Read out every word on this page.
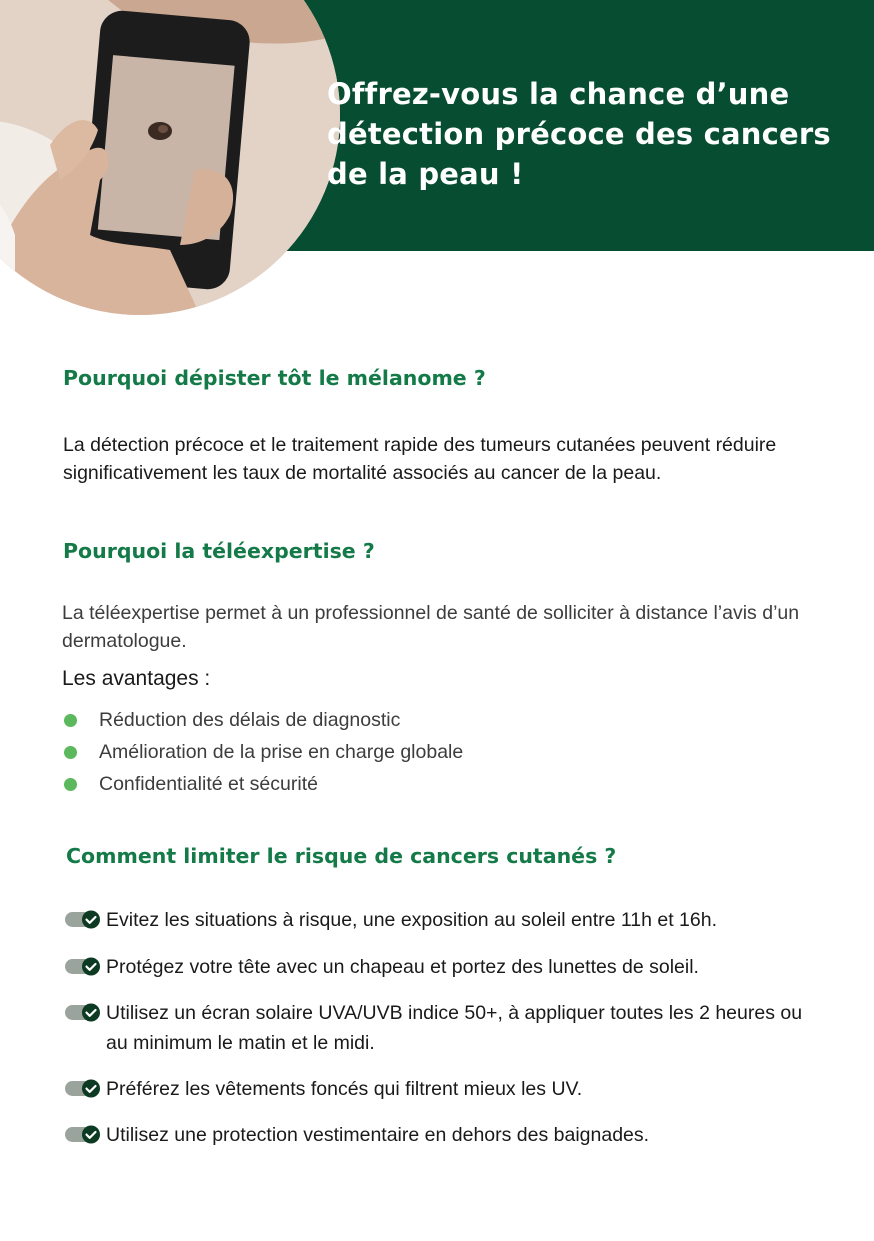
Offrez-vous la chance d’une détection précoce des cancers de la peau !
Pourquoi dépister tôt le mélanome ?

La détection précoce et le traitement rapide des tumeurs cutanées peuvent réduire significativement les taux de mortalité associés au cancer de la peau.

Pourquoi la téléexpertise ?

La téléexpertise permet à un professionnel de santé de solliciter à distance l’avis d’un dermatologue.

Les avantages :

Réduction des délais de diagnostic
Amélioration de la prise en charge globale
Confidentialité et sécurité
Comment limiter le risque de cancers cutanés ?
Evitez les situations à risque, une exposition au soleil entre 11h et 16h.
Protégez votre tête avec un chapeau et portez des lunettes de soleil.
Utilisez un écran solaire UVA/UVB indice 50+, à appliquer toutes les 2 heures ou au minimum le matin et le midi.
Préférez les vêtements foncés qui filtrent mieux les UV.
Utilisez une protection vestimentaire en dehors des baignades.
